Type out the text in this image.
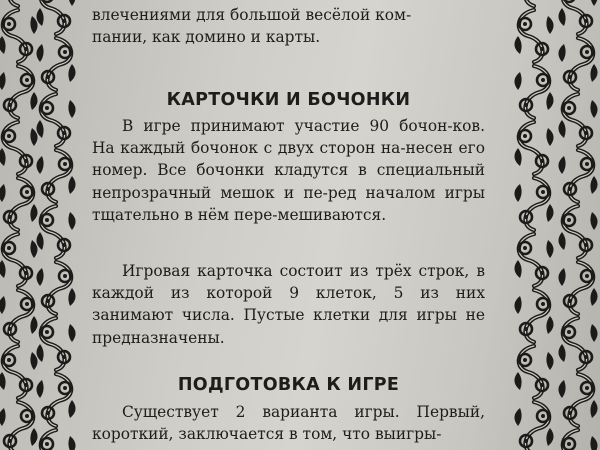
влечениями для большой весёлой ком-
пании, как домино и карты.

КАРТОЧКИ И БОЧОНКИ

В игре принимают участие 90 бочон-ков. На каждый бочонок с двух сторон на-несен его номер. Все бочонки кладутся в специальный непрозрачный мешок и пе-ред началом игры тщательно в нём пере-мешиваются.

Игровая карточка состоит из трёх строк, в каждой из которой 9 клеток, 5 из них занимают числа. Пустые клетки для игры не предназначены.

ПОДГОТОВКА К ИГРЕ

Существует 2 варианта игры. Первый, короткий, заключается в том, что выигры-
